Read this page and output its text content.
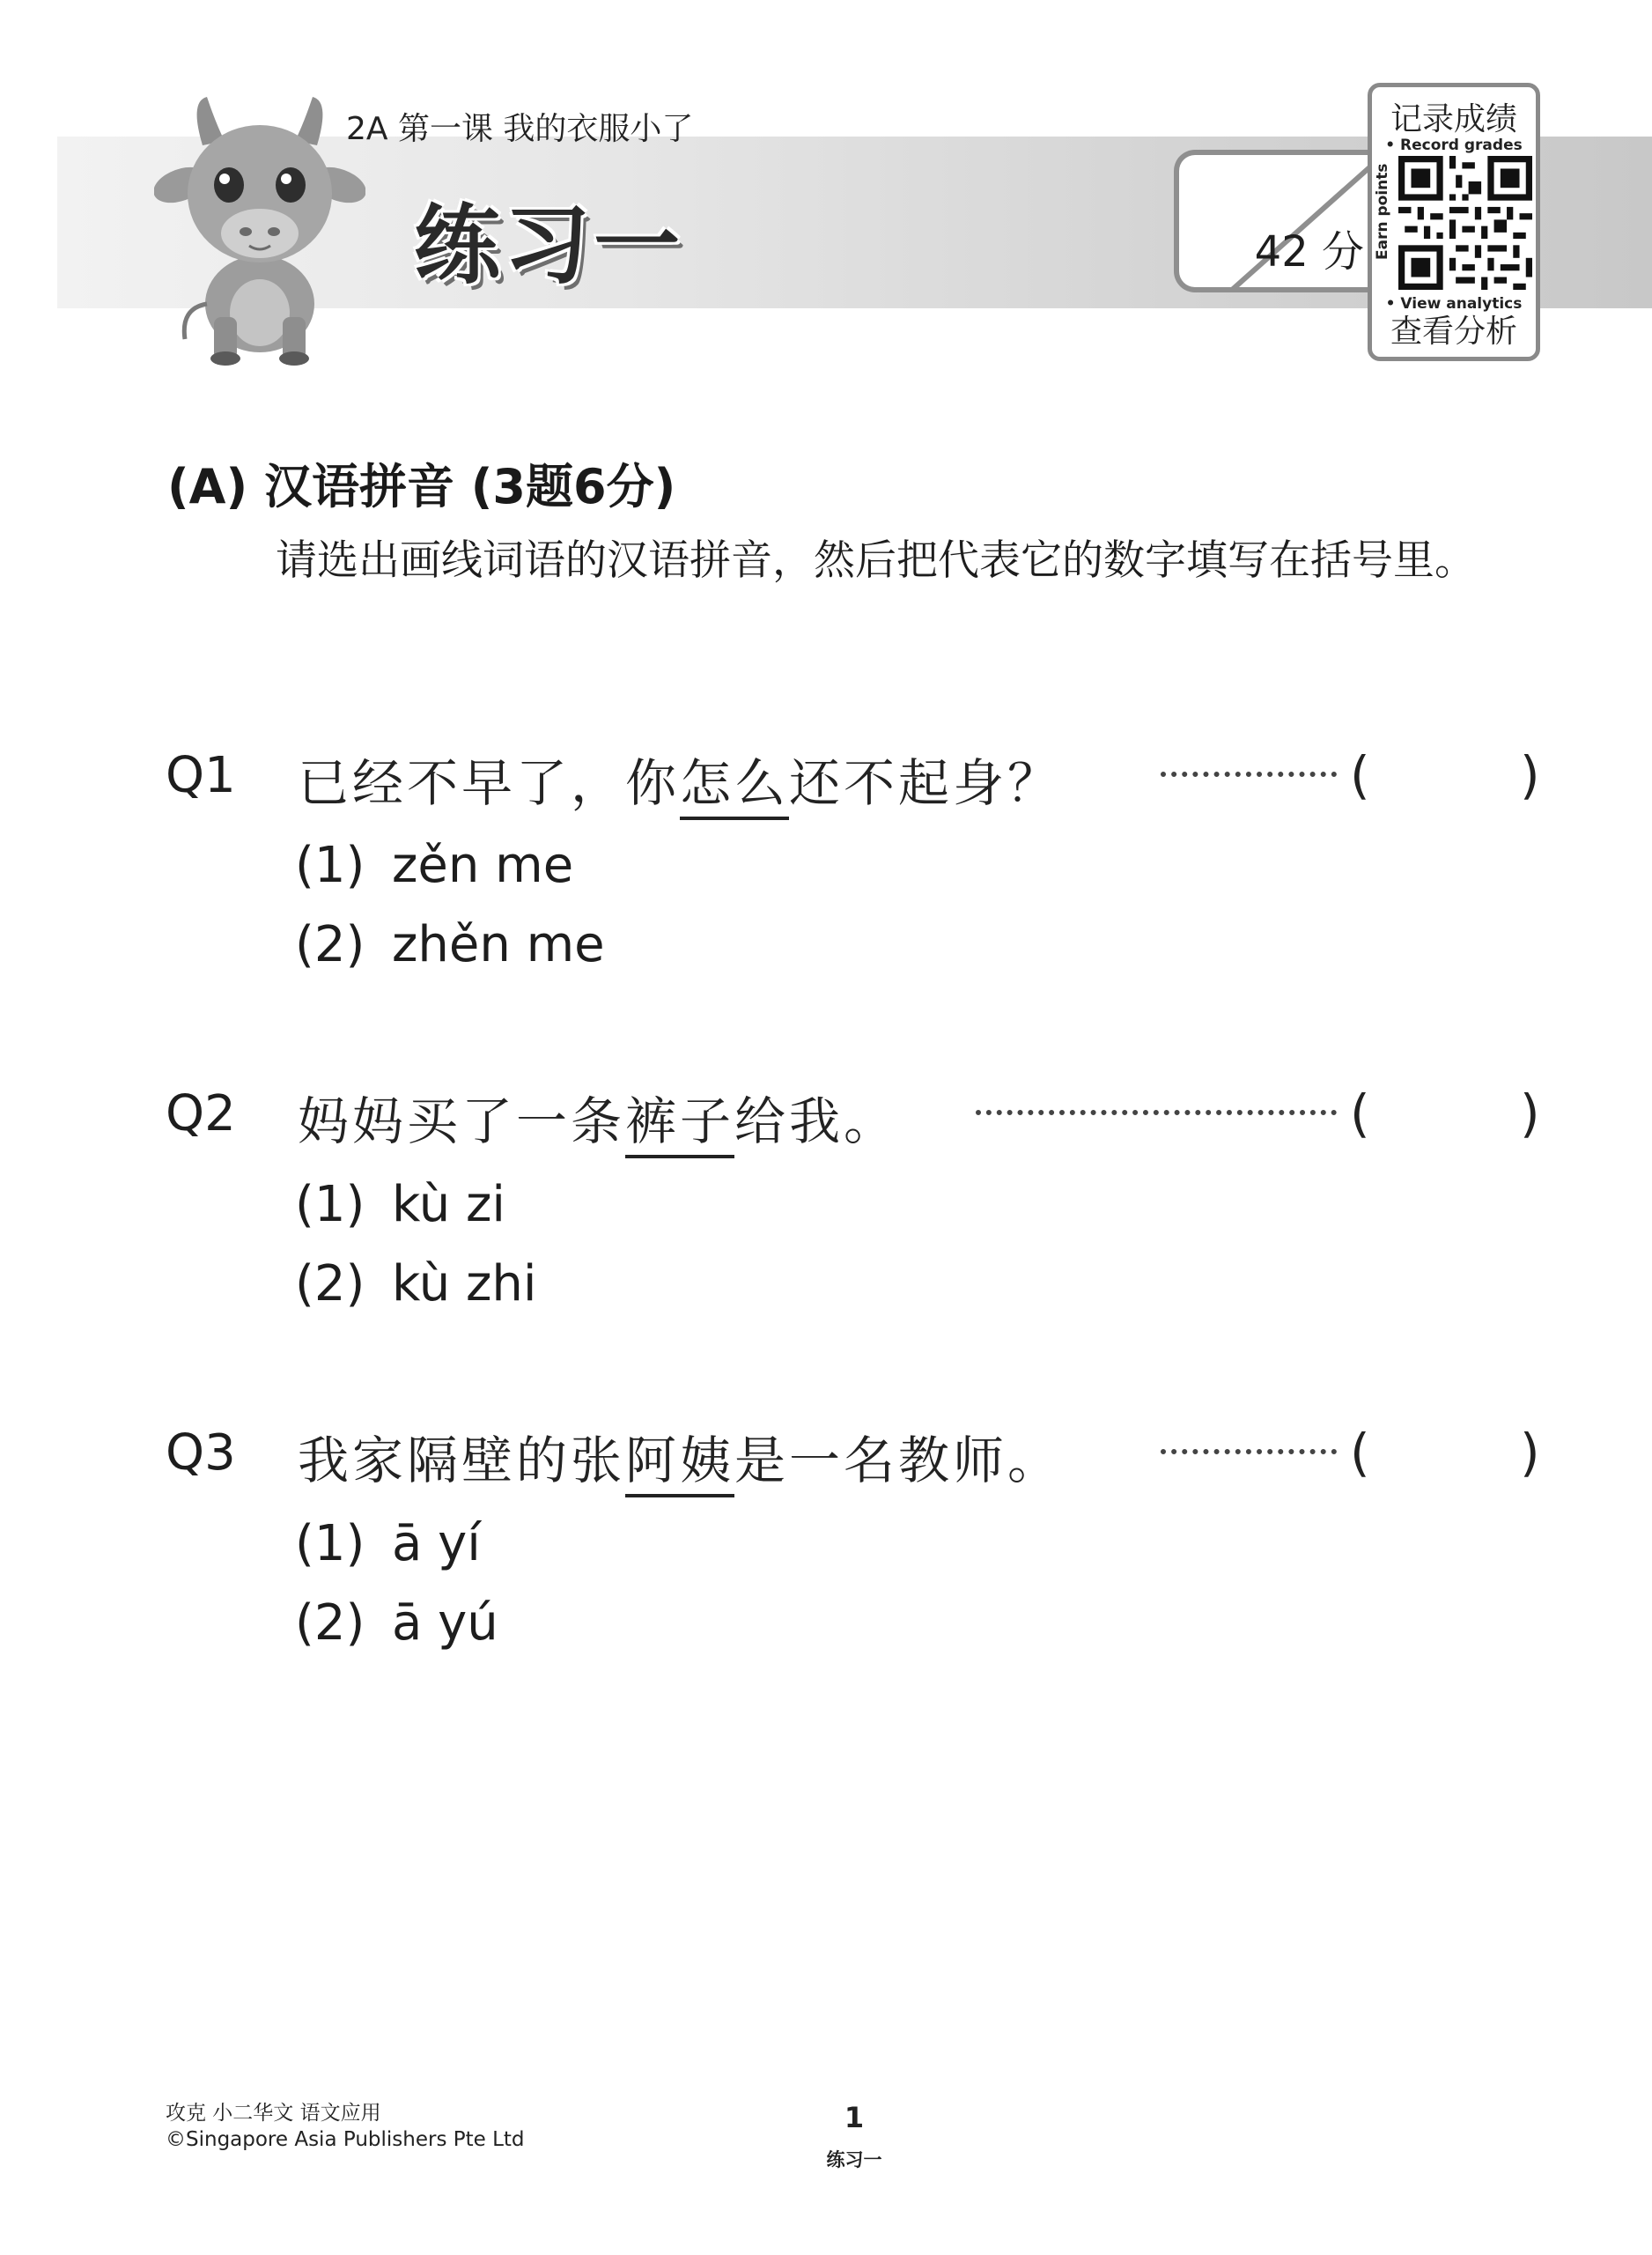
2A 第一课 我的衣服小了
练习一	42 分
记录成绩
• Record grades
Earn points
• View analytics
查看分析
(A) 汉语拼音 (3题6分)
请选出画线词语的汉语拼音，然后把代表它的数字填写在括号里。
Q1 已经不早了，你怎么还不起身？	(	)
(1) zěn me
(2) zhěn me
Q2 妈妈买了一条裤子给我。	(	)
(1) kù zi
(2) kù zhi
Q3 我家隔壁的张阿姨是一名教师。	(	)
(1) ā yí
(2) ā yú
攻克 小二华文 语文应用
©Singapore Asia Publishers Pte Ltd
1
练习一
